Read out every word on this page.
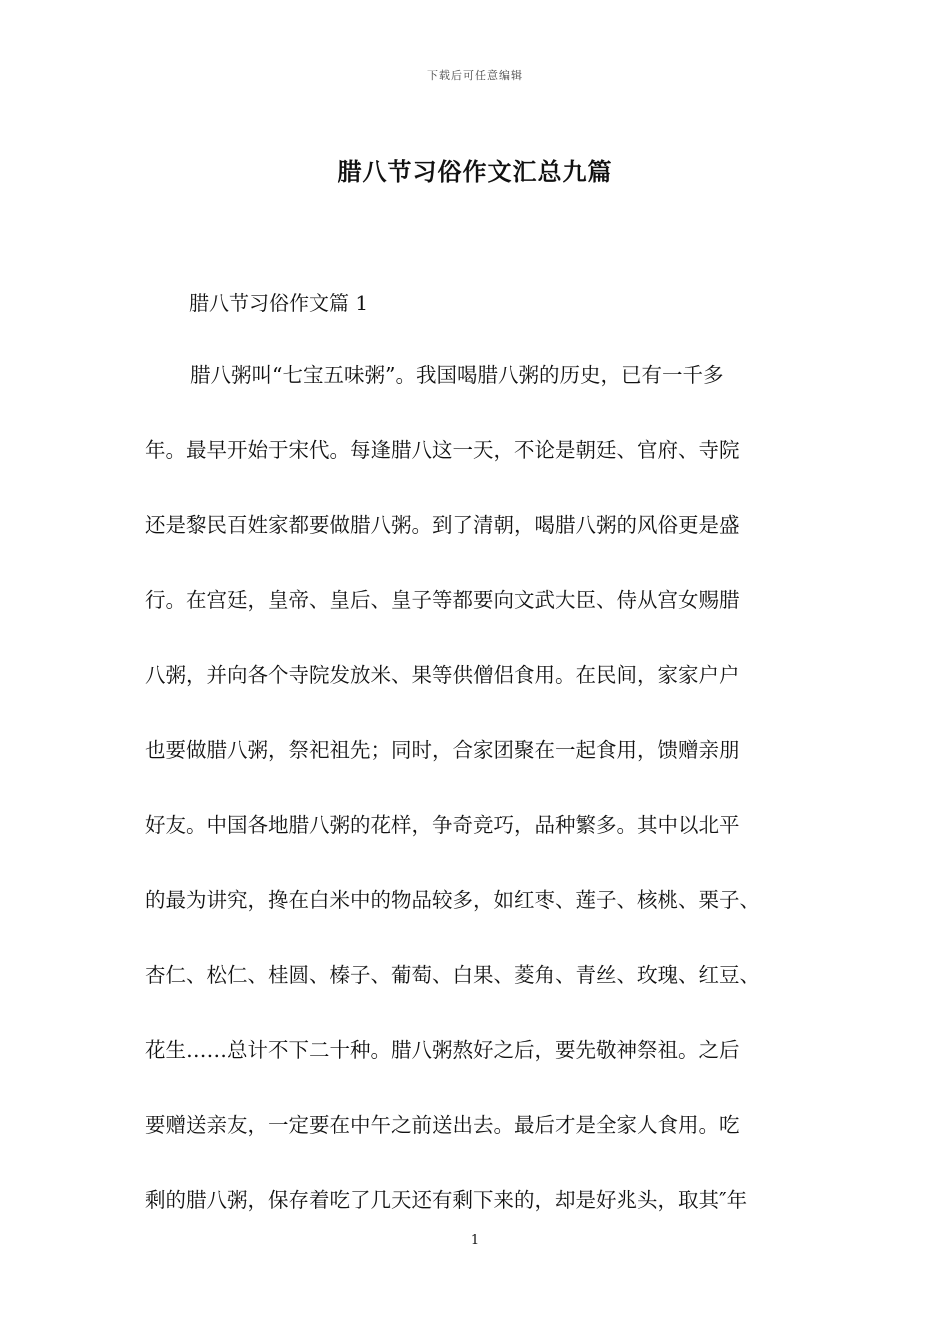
下载后可任意编辑
腊八节习俗作文汇总九篇
腊八节习俗作文篇 1
腊八粥叫“七宝五味粥”。我国喝腊八粥的历史，已有一千多
年。最早开始于宋代。每逢腊八这一天，不论是朝廷、官府、寺院
还是黎民百姓家都要做腊八粥。到了清朝，喝腊八粥的风俗更是盛
行。在宫廷，皇帝、皇后、皇子等都要向文武大臣、侍从宫女赐腊
八粥，并向各个寺院发放米、果等供僧侣食用。在民间，家家户户
也要做腊八粥，祭祀祖先；同时，合家团聚在一起食用，馈赠亲朋
好友。中国各地腊八粥的花样，争奇竞巧，品种繁多。其中以北平
的最为讲究，搀在白米中的物品较多，如红枣、莲子、核桃、栗子、
杏仁、松仁、桂圆、榛子、葡萄、白果、菱角、青丝、玫瑰、红豆、
花生……总计不下二十种。腊八粥熬好之后，要先敬神祭祖。之后
要赠送亲友，一定要在中午之前送出去。最后才是全家人食用。吃
剩的腊八粥，保存着吃了几天还有剩下来的，却是好兆头，取其″年
1
